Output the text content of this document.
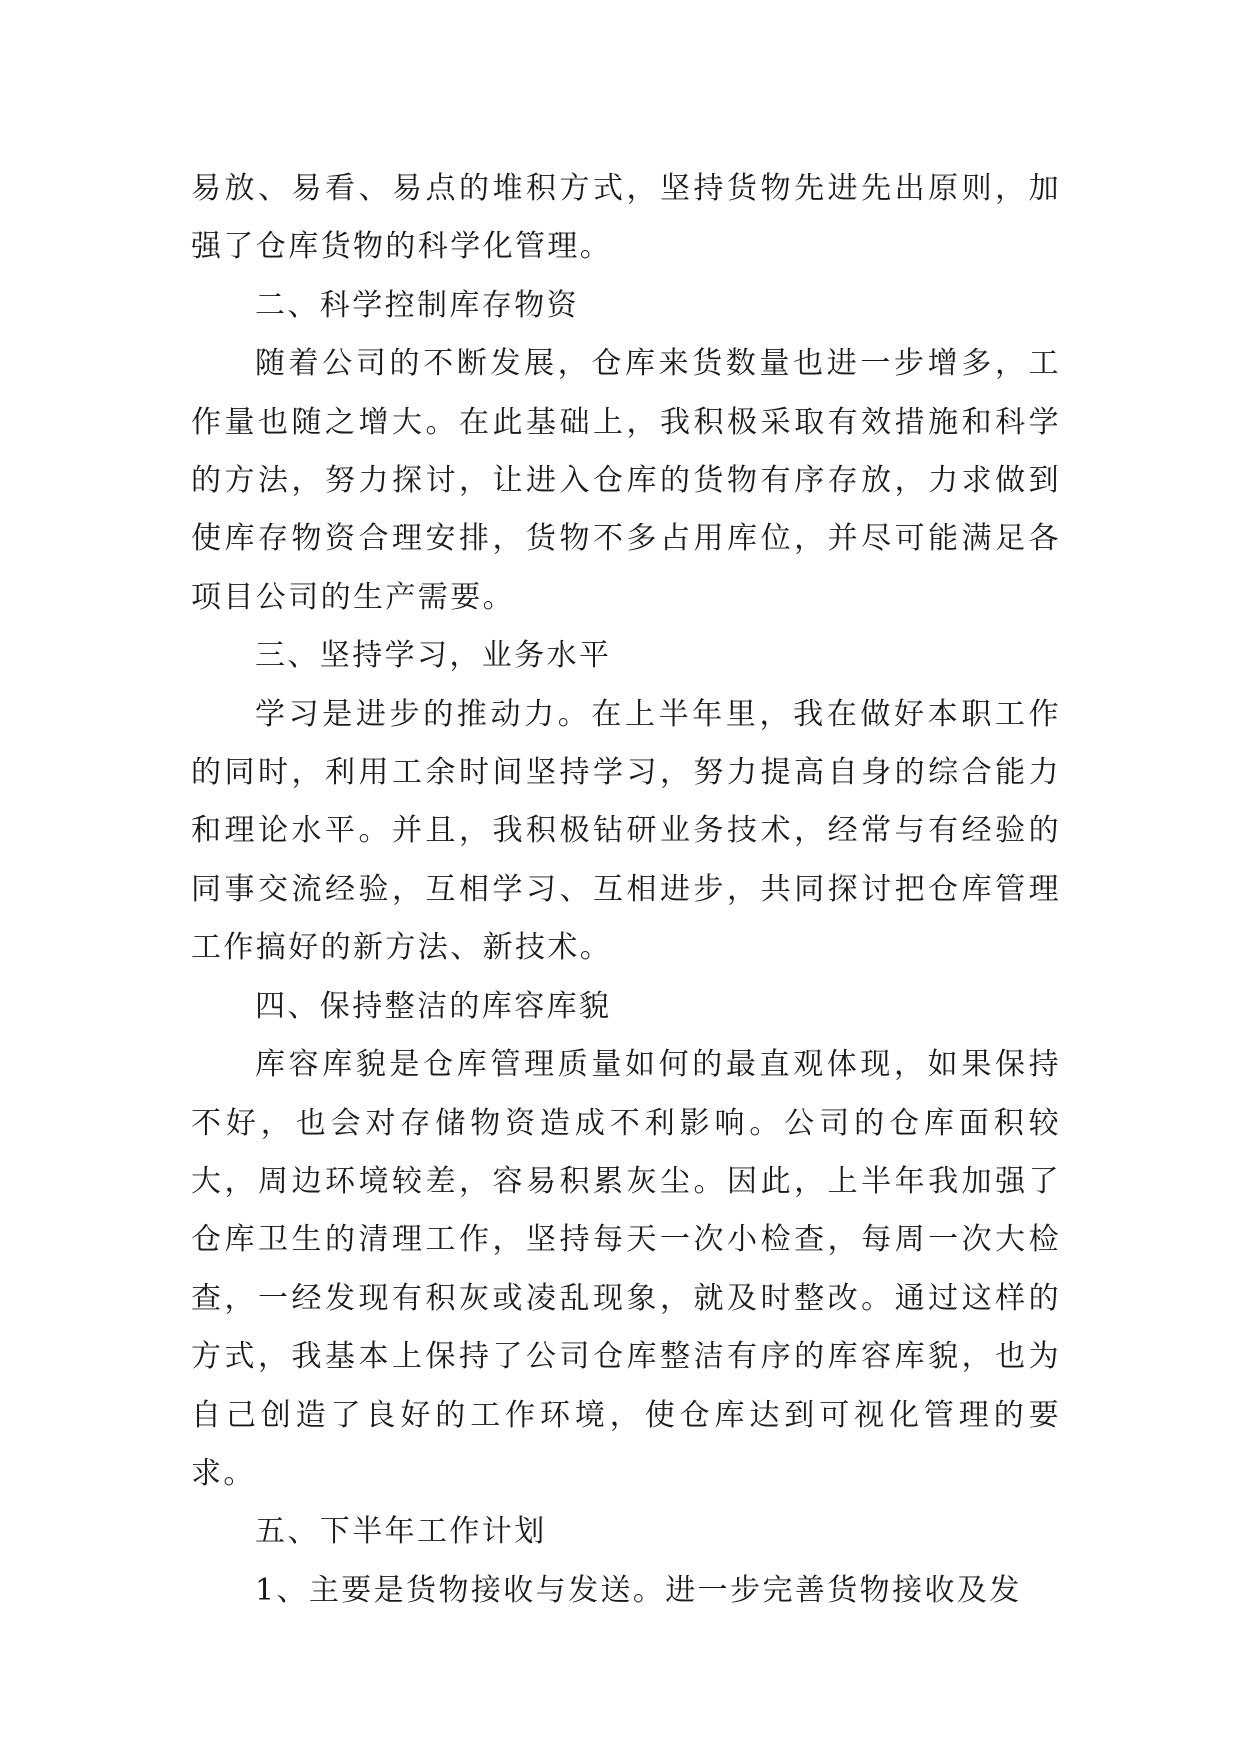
易放、易看、易点的堆积方式，坚持货物先进先出原则，加强了仓库货物的科学化管理。

二、科学控制库存物资

随着公司的不断发展，仓库来货数量也进一步增多，工作量也随之增大。在此基础上，我积极采取有效措施和科学的方法，努力探讨，让进入仓库的货物有序存放，力求做到使库存物资合理安排，货物不多占用库位，并尽可能满足各项目公司的生产需要。

三、坚持学习，业务水平

学习是进步的推动力。在上半年里，我在做好本职工作的同时，利用工余时间坚持学习，努力提高自身的综合能力和理论水平。并且，我积极钻研业务技术，经常与有经验的同事交流经验，互相学习、互相进步，共同探讨把仓库管理工作搞好的新方法、新技术。

四、保持整洁的库容库貌

库容库貌是仓库管理质量如何的最直观体现，如果保持不好，也会对存储物资造成不利影响。公司的仓库面积较大，周边环境较差，容易积累灰尘。因此，上半年我加强了仓库卫生的清理工作，坚持每天一次小检查，每周一次大检查，一经发现有积灰或凌乱现象，就及时整改。通过这样的方式，我基本上保持了公司仓库整洁有序的库容库貌，也为自己创造了良好的工作环境，使仓库达到可视化管理的要求。

五、下半年工作计划

1、主要是货物接收与发送。进一步完善货物接收及发
